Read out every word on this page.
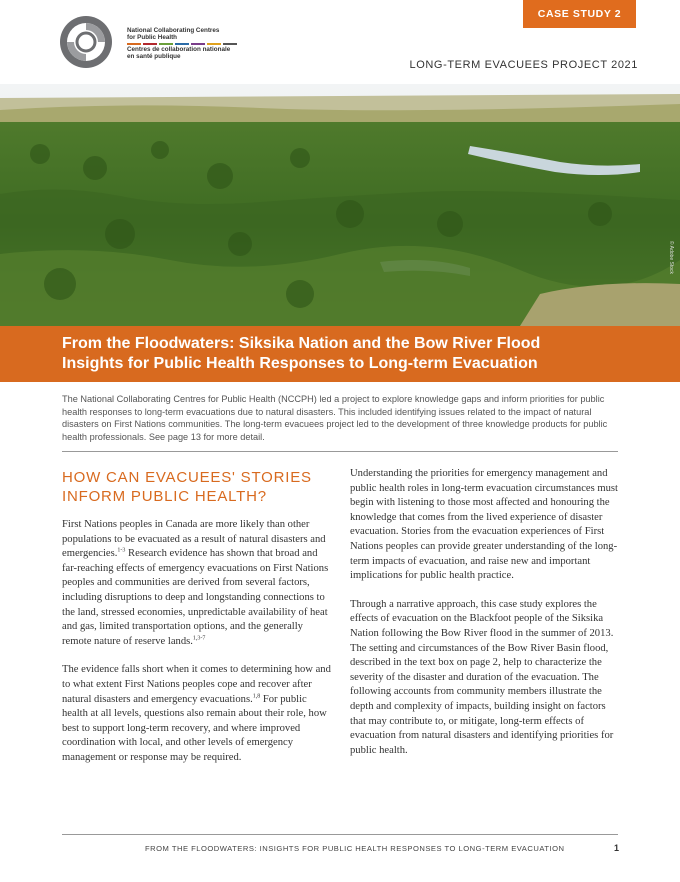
National Collaborating Centres
for Public Health
Centres de collaboration nationale
en santé publique
CASE STUDY 2
LONG-TERM EVACUEES PROJECT 2021
© Adobe Stock
From the Floodwaters: Siksika Nation and the Bow River Flood
Insights for Public Health Responses to Long-term Evacuation
The National Collaborating Centres for Public Health (NCCPH) led a project to explore knowledge gaps and inform priorities for public health responses to long-term evacuations due to natural disasters. This included identifying issues related to the impact of natural disasters on First Nations communities. The long-term evacuees project led to the development of three knowledge products for public health professionals. See page 13 for more detail.
HOW CAN EVACUEES' STORIES INFORM PUBLIC HEALTH?

First Nations peoples in Canada are more likely than other populations to be evacuated as a result of natural disasters and emergencies.$^{1-3}$ Research evidence has shown that broad and far-reaching effects of emergency evacuations on First Nations peoples and communities are derived from several factors, including disruptions to deep and longstanding connections to the land, stressed economies, unpredictable availability of heat and gas, limited transportation options, and the generally remote nature of reserve lands.$^{1,3-7}$

The evidence falls short when it comes to determining how and to what extent First Nations peoples cope and recover after natural disasters and emergency evacuations.$^{1,8}$ For public health at all levels, questions also remain about their role, how best to support long-term recovery, and where improved coordination with local, and other levels of emergency management or response may be required.

Understanding the priorities for emergency management and public health roles in long-term evacuation circumstances must begin with listening to those most affected and honouring the knowledge that comes from the lived experience of disaster evacuation. Stories from the evacuation experiences of First Nations peoples can provide greater understanding of the long-term impacts of evacuation, and raise new and important implications for public health practice.

Through a narrative approach, this case study explores the effects of evacuation on the Blackfoot people of the Siksika Nation following the Bow River flood in the summer of 2013. The setting and circumstances of the Bow River Basin flood, described in the text box on page 2, help to characterize the severity of the disaster and duration of the evacuation. The following accounts from community members illustrate the depth and complexity of impacts, building insight on factors that may contribute to, or mitigate, long-term effects of evacuation from natural disasters and identifying priorities for public health.

FROM THE FLOODWATERS: INSIGHTS FOR PUBLIC HEALTH RESPONSES TO LONG-TERM EVACUATION	1
